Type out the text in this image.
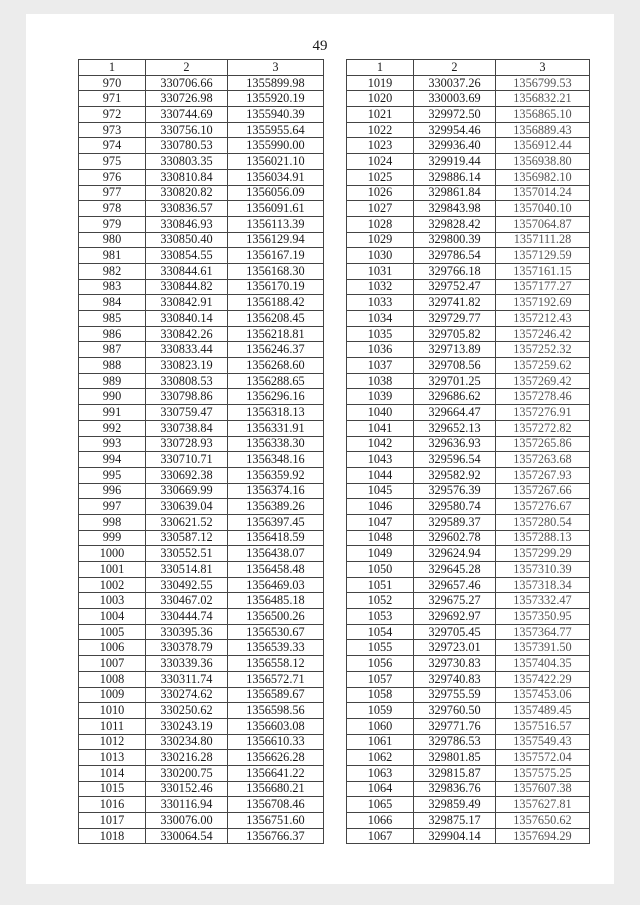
49
1	2	3
970	330706.66	1355899.98
971	330726.98	1355920.19
972	330744.69	1355940.39
973	330756.10	1355955.64
974	330780.53	1355990.00
975	330803.35	1356021.10
976	330810.84	1356034.91
977	330820.82	1356056.09
978	330836.57	1356091.61
979	330846.93	1356113.39
980	330850.40	1356129.94
981	330854.55	1356167.19
982	330844.61	1356168.30
983	330844.82	1356170.19
984	330842.91	1356188.42
985	330840.14	1356208.45
986	330842.26	1356218.81
987	330833.44	1356246.37
988	330823.19	1356268.60
989	330808.53	1356288.65
990	330798.86	1356296.16
991	330759.47	1356318.13
992	330738.84	1356331.91
993	330728.93	1356338.30
994	330710.71	1356348.16
995	330692.38	1356359.92
996	330669.99	1356374.16
997	330639.04	1356389.26
998	330621.52	1356397.45
999	330587.12	1356418.59
1000	330552.51	1356438.07
1001	330514.81	1356458.48
1002	330492.55	1356469.03
1003	330467.02	1356485.18
1004	330444.74	1356500.26
1005	330395.36	1356530.67
1006	330378.79	1356539.33
1007	330339.36	1356558.12
1008	330311.74	1356572.71
1009	330274.62	1356589.67
1010	330250.62	1356598.56
1011	330243.19	1356603.08
1012	330234.80	1356610.33
1013	330216.28	1356626.28
1014	330200.75	1356641.22
1015	330152.46	1356680.21
1016	330116.94	1356708.46
1017	330076.00	1356751.60
1018	330064.54	1356766.37
1	2	3
1019	330037.26	1356799.53
1020	330003.69	1356832.21
1021	329972.50	1356865.10
1022	329954.46	1356889.43
1023	329936.40	1356912.44
1024	329919.44	1356938.80
1025	329886.14	1356982.10
1026	329861.84	1357014.24
1027	329843.98	1357040.10
1028	329828.42	1357064.87
1029	329800.39	1357111.28
1030	329786.54	1357129.59
1031	329766.18	1357161.15
1032	329752.47	1357177.27
1033	329741.82	1357192.69
1034	329729.77	1357212.43
1035	329705.82	1357246.42
1036	329713.89	1357252.32
1037	329708.56	1357259.62
1038	329701.25	1357269.42
1039	329686.62	1357278.46
1040	329664.47	1357276.91
1041	329652.13	1357272.82
1042	329636.93	1357265.86
1043	329596.54	1357263.68
1044	329582.92	1357267.93
1045	329576.39	1357267.66
1046	329580.74	1357276.67
1047	329589.37	1357280.54
1048	329602.78	1357288.13
1049	329624.94	1357299.29
1050	329645.28	1357310.39
1051	329657.46	1357318.34
1052	329675.27	1357332.47
1053	329692.97	1357350.95
1054	329705.45	1357364.77
1055	329723.01	1357391.50
1056	329730.83	1357404.35
1057	329740.83	1357422.29
1058	329755.59	1357453.06
1059	329760.50	1357489.45
1060	329771.76	1357516.57
1061	329786.53	1357549.43
1062	329801.85	1357572.04
1063	329815.87	1357575.25
1064	329836.76	1357607.38
1065	329859.49	1357627.81
1066	329875.17	1357650.62
1067	329904.14	1357694.29
